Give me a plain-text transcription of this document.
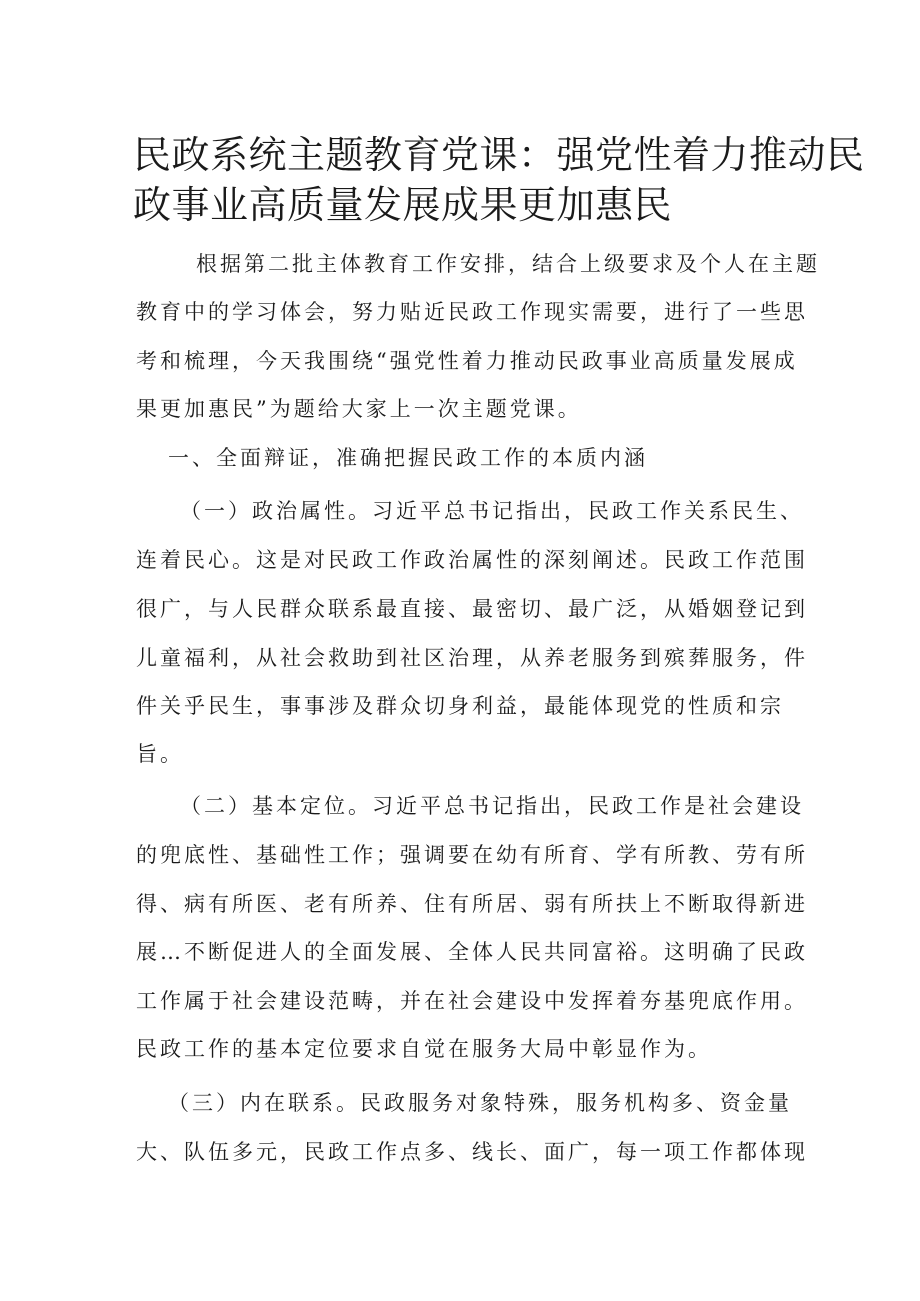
民政系统主题教育党课：强党性着力推动民
政事业高质量发展成果更加惠民
根据第二批主体教育工作安排，结合上级要求及个人在主题
教育中的学习体会，努力贴近民政工作现实需要，进行了一些思
考和梳理，今天我围绕“强党性着力推动民政事业高质量发展成
果更加惠民”为题给大家上一次主题党课。
一、全面辩证，准确把握民政工作的本质内涵
（一）政治属性。习近平总书记指出，民政工作关系民生、
连着民心。这是对民政工作政治属性的深刻阐述。民政工作范围
很广，与人民群众联系最直接、最密切、最广泛，从婚姻登记到
儿童福利，从社会救助到社区治理，从养老服务到殡葬服务，件
件关乎民生，事事涉及群众切身利益，最能体现党的性质和宗
旨。
（二）基本定位。习近平总书记指出，民政工作是社会建设
的兜底性、基础性工作；强调要在幼有所育、学有所教、劳有所
得、病有所医、老有所养、住有所居、弱有所扶上不断取得新进
展…不断促进人的全面发展、全体人民共同富裕。这明确了民政
工作属于社会建设范畴，并在社会建设中发挥着夯基兜底作用。
民政工作的基本定位要求自觉在服务大局中彰显作为。
（三）内在联系。民政服务对象特殊，服务机构多、资金量
大、队伍多元，民政工作点多、线长、面广，每一项工作都体现
